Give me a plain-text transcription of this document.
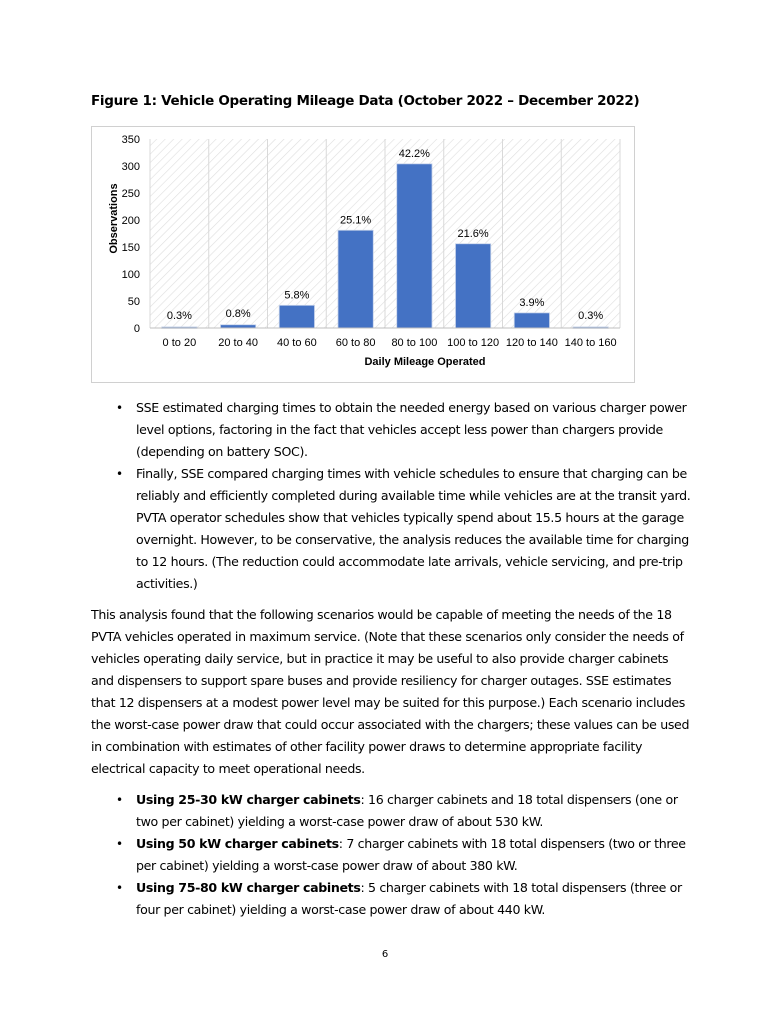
Figure 1: Vehicle Operating Mileage Data (October 2022 – December 2022)
0.3%	0.8%
5.8%
25.1%
42.2%
21.6%
3.9%
0.3%
0
50
100
150
200
250
300
350
0 to 20 20 to 40 40 to 60 60 to 80 80 to 100 100 to 120 120 to 140 140 to 160
Daily Mileage Operated
Observations
• SSE estimated charging times to obtain the needed energy based on various charger power level options, factoring in the fact that vehicles accept less power than chargers provide (depending on battery SOC).
• Finally, SSE compared charging times with vehicle schedules to ensure that charging can be reliably and efficiently completed during available time while vehicles are at the transit yard. PVTA operator schedules show that vehicles typically spend about 15.5 hours at the garage overnight. However, to be conservative, the analysis reduces the available time for charging to 12 hours. (The reduction could accommodate late arrivals, vehicle servicing, and pre-trip activities.)

This analysis found that the following scenarios would be capable of meeting the needs of the 18 PVTA vehicles operated in maximum service. (Note that these scenarios only consider the needs of vehicles operating daily service, but in practice it may be useful to also provide charger cabinets and dispensers to support spare buses and provide resiliency for charger outages. SSE estimates that 12 dispensers at a modest power level may be suited for this purpose.) Each scenario includes the worst-case power draw that could occur associated with the chargers; these values can be used in combination with estimates of other facility power draws to determine appropriate facility electrical capacity to meet operational needs.

• Using 25-30 kW charger cabinets: 16 charger cabinets and 18 total dispensers (one or two per cabinet) yielding a worst-case power draw of about 530 kW.
• Using 50 kW charger cabinets: 7 charger cabinets with 18 total dispensers (two or three per cabinet) yielding a worst-case power draw of about 380 kW.
• Using 75-80 kW charger cabinets: 5 charger cabinets with 18 total dispensers (three or four per cabinet) yielding a worst-case power draw of about 440 kW.
6
